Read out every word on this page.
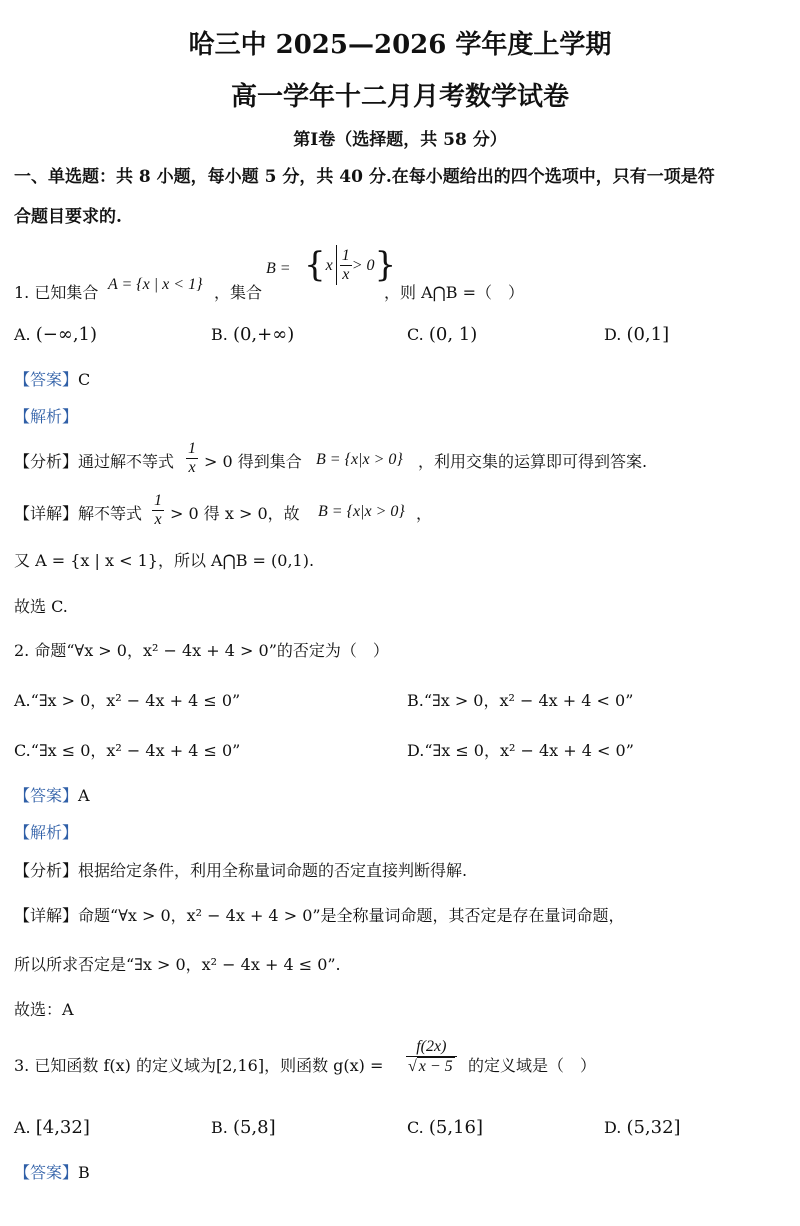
哈三中 2025—2026 学年度上学期
高一学年十二月月考数学试卷
第Ⅰ卷（选择题，共 58 分）
一、单选题：共 8 小题，每小题 5 分，共 40 分.在每小题给出的四个选项中，只有一项是符
合题目要求的.
1. 已知集合 A = {x | x < 1} ，集合
$B = \{x \frac{1}{x} > 0\}$
，则 A⋂B =（　）
A. (−∞,1)	B. (0,+∞)	C. (0, 1)	D. (0,1]
【答案】C
【解析】
【分析】通过解不等式 $\frac{1}{x} > 0$ 得到集合 B = {x|x > 0} ，利用交集的运算即可得到答案.
【详解】解不等式 $\frac{1}{x} > 0$ 得 x > 0，故 B = {x|x > 0} ，
又 A = {x | x < 1}，所以 A⋂B = (0,1).
故选 C.
2. 命题“∀x > 0，x² − 4x + 4 > 0”的否定为（　）
A.“∃x > 0，x² − 4x + 4 ≤ 0”	B.“∃x > 0，x² − 4x + 4 < 0”
C.“∃x ≤ 0，x² − 4x + 4 ≤ 0”	D.“∃x ≤ 0，x² − 4x + 4 < 0”
【答案】A
【解析】
【分析】根据给定条件，利用全称量词命题的否定直接判断得解.
【详解】命题“∀x > 0，x² − 4x + 4 > 0”是全称量词命题，其否定是存在量词命题，
所以所求否定是“∃x > 0，x² − 4x + 4 ≤ 0”.
故选：A
3. 已知函数 f(x) 的定义域为[2,16]，则函数 $g(x) = \frac{f(2x)}{√ x - 5}$ 的定义域是（　）
A. [4,32]	B. (5,8]	C. (5,16]	D. (5,32]
【答案】B
